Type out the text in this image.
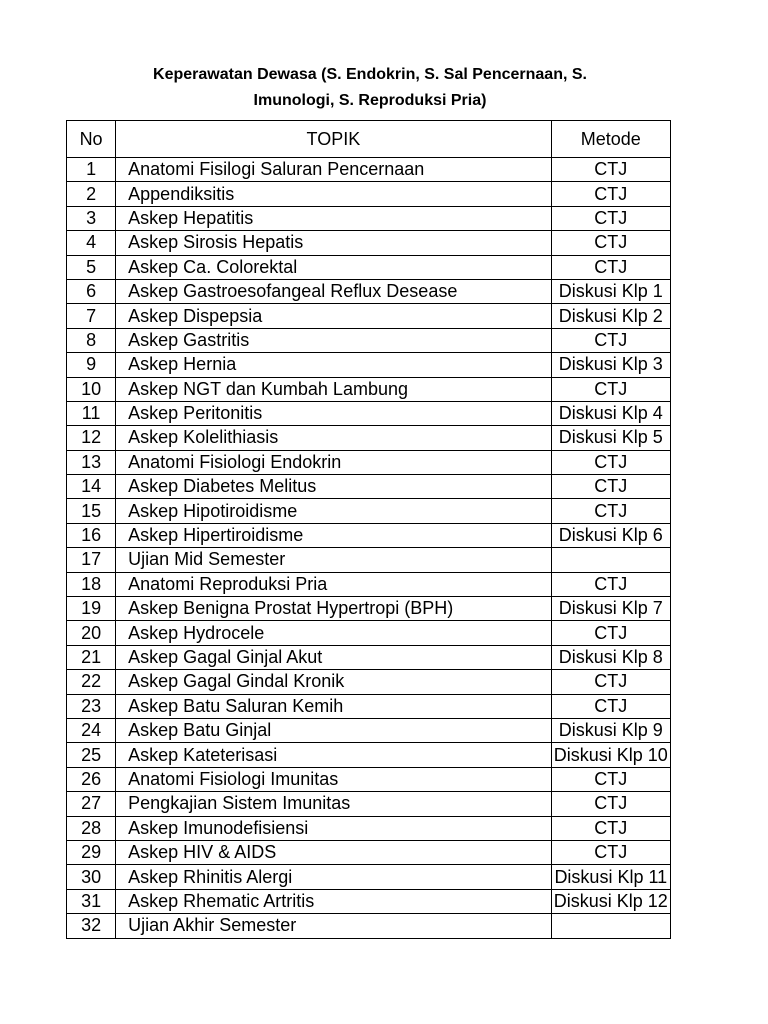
Keperawatan Dewasa (S. Endokrin, S. Sal Pencernaan, S.
Imunologi, S. Reproduksi Pria)
No	TOPIK	Metode
1	Anatomi Fisilogi Saluran Pencernaan	CTJ
2	Appendiksitis	CTJ
3	Askep Hepatitis	CTJ
4	Askep Sirosis Hepatis	CTJ
5	Askep Ca. Colorektal	CTJ
6	Askep Gastroesofangeal Reflux Desease	Diskusi Klp 1
7	Askep Dispepsia	Diskusi Klp 2
8	Askep Gastritis	CTJ
9	Askep Hernia	Diskusi Klp 3
10	Askep NGT dan Kumbah Lambung	CTJ
11	Askep Peritonitis	Diskusi Klp 4
12	Askep Kolelithiasis	Diskusi Klp 5
13	Anatomi Fisiologi Endokrin	CTJ
14	Askep Diabetes Melitus	CTJ
15	Askep Hipotiroidisme	CTJ
16	Askep Hipertiroidisme	Diskusi Klp 6
17	Ujian Mid Semester	
18	Anatomi Reproduksi Pria	CTJ
19	Askep Benigna Prostat Hypertropi (BPH)	Diskusi Klp 7
20	Askep Hydrocele	CTJ
21	Askep Gagal Ginjal Akut	Diskusi Klp 8
22	Askep Gagal Gindal Kronik	CTJ
23	Askep Batu Saluran Kemih	CTJ
24	Askep Batu Ginjal	Diskusi Klp 9
25	Askep Kateterisasi	Diskusi Klp 10
26	Anatomi Fisiologi Imunitas	CTJ
27	Pengkajian Sistem Imunitas	CTJ
28	Askep Imunodefisiensi	CTJ
29	Askep HIV & AIDS	CTJ
30	Askep Rhinitis Alergi	Diskusi Klp 11
31	Askep Rhematic Artritis	Diskusi Klp 12
32	Ujian Akhir Semester	
